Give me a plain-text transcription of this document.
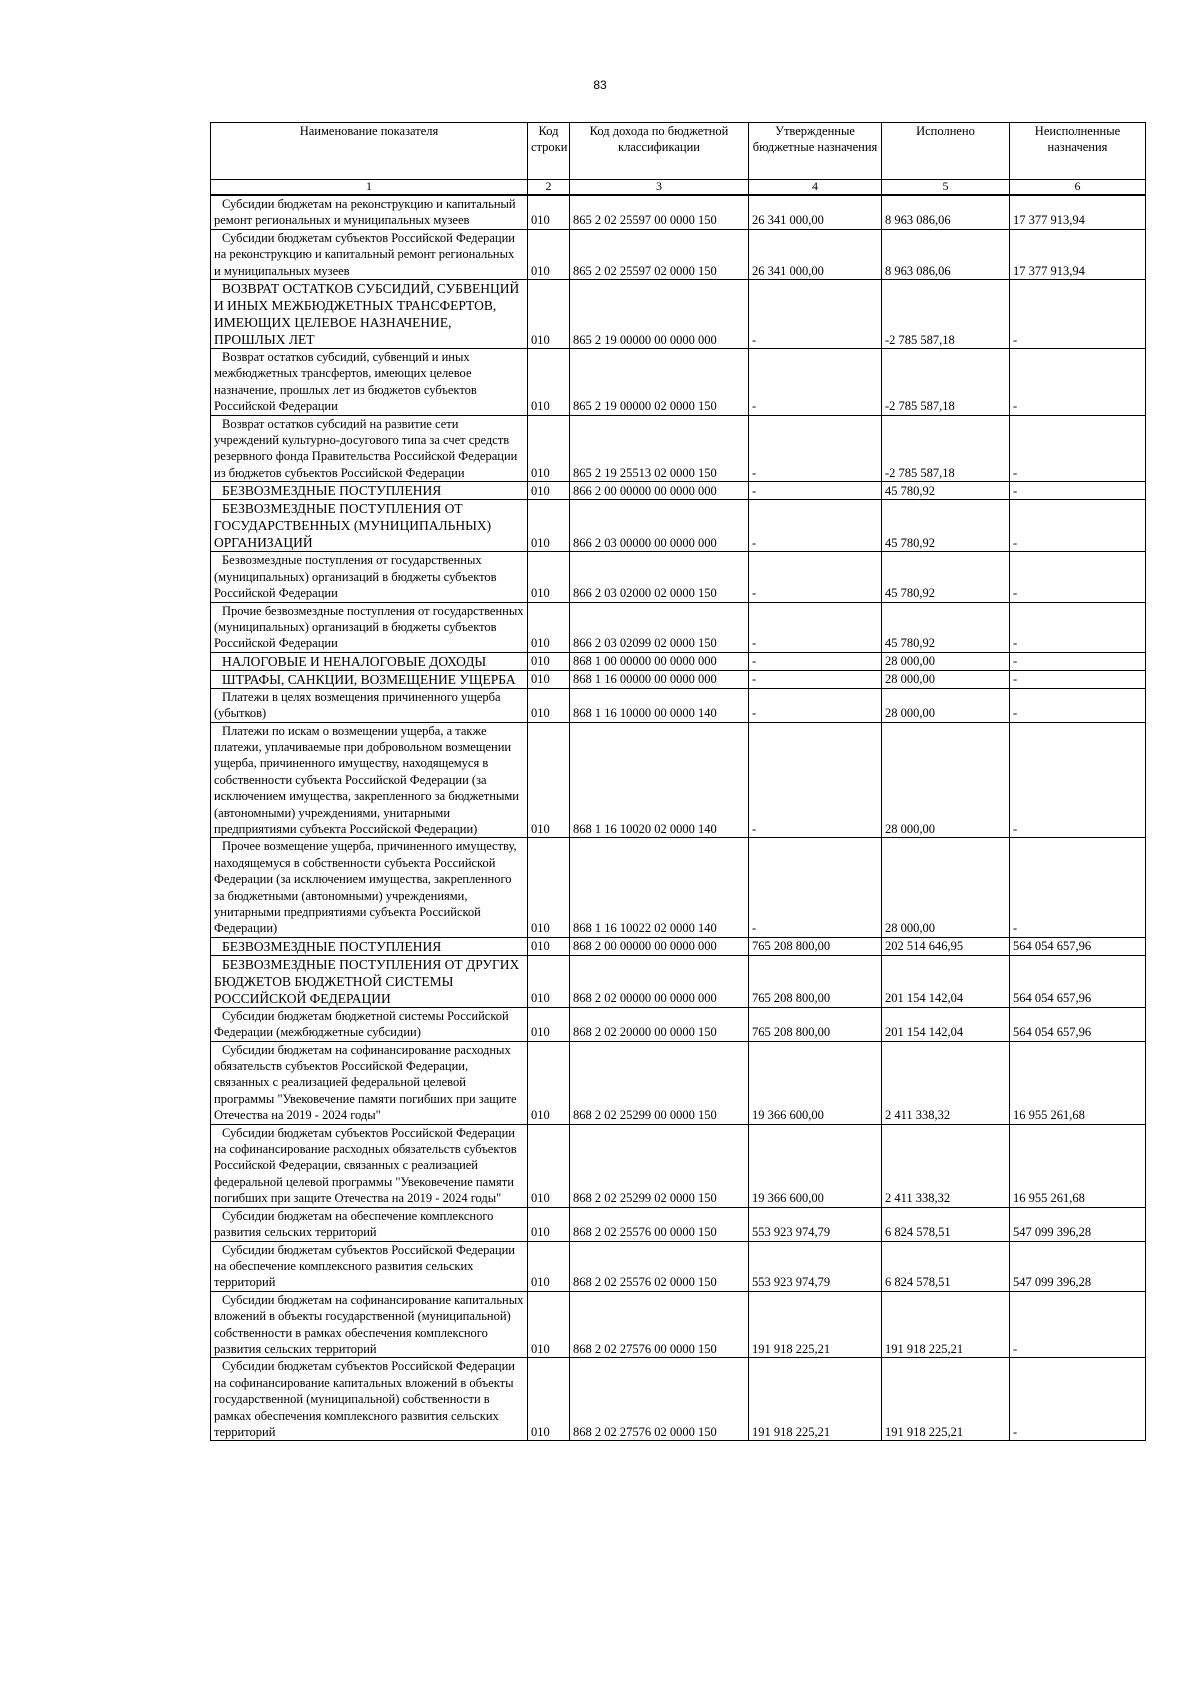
83
Наименование показателя	Код строки	Код дохода по бюджетной классификации	Утвержденные бюджетные назначения	Исполнено	Неисполненные назначения
1	2	3	4	5	6
Субсидии бюджетам на реконструкцию и капитальный ремонт региональных и муниципальных музеев	010	865 2 02 25597 00 0000 150	26 341 000,00	8 963 086,06	17 377 913,94
Субсидии бюджетам субъектов Российской Федерации на реконструкцию и капитальный ремонт региональных и муниципальных музеев	010	865 2 02 25597 02 0000 150	26 341 000,00	8 963 086,06	17 377 913,94
ВОЗВРАТ ОСТАТКОВ СУБСИДИЙ, СУБВЕНЦИЙ И ИНЫХ МЕЖБЮДЖЕТНЫХ ТРАНСФЕРТОВ, ИМЕЮЩИХ ЦЕЛЕВОЕ НАЗНАЧЕНИЕ, ПРОШЛЫХ ЛЕТ	010	865 2 19 00000 00 0000 000	-	-2 785 587,18	-
Возврат остатков субсидий, субвенций и иных межбюджетных трансфертов, имеющих целевое назначение, прошлых лет из бюджетов субъектов Российской Федерации	010	865 2 19 00000 02 0000 150	-	-2 785 587,18	-
Возврат остатков субсидий на развитие сети учреждений культурно-досугового типа за счет средств резервного фонда Правительства Российской Федерации из бюджетов субъектов Российской Федерации	010	865 2 19 25513 02 0000 150	-	-2 785 587,18	-
БЕЗВОЗМЕЗДНЫЕ ПОСТУПЛЕНИЯ	010	866 2 00 00000 00 0000 000	-	45 780,92	-
БЕЗВОЗМЕЗДНЫЕ ПОСТУПЛЕНИЯ ОТ ГОСУДАРСТВЕННЫХ (МУНИЦИПАЛЬНЫХ) ОРГАНИЗАЦИЙ	010	866 2 03 00000 00 0000 000	-	45 780,92	-
Безвозмездные поступления от государственных (муниципальных) организаций в бюджеты субъектов Российской Федерации	010	866 2 03 02000 02 0000 150	-	45 780,92	-
Прочие безвозмездные поступления от государственных (муниципальных) организаций в бюджеты субъектов Российской Федерации	010	866 2 03 02099 02 0000 150	-	45 780,92	-
НАЛОГОВЫЕ И НЕНАЛОГОВЫЕ ДОХОДЫ	010	868 1 00 00000 00 0000 000	-	28 000,00	-
ШТРАФЫ, САНКЦИИ, ВОЗМЕЩЕНИЕ УЩЕРБА	010	868 1 16 00000 00 0000 000	-	28 000,00	-
Платежи в целях возмещения причиненного ущерба (убытков)	010	868 1 16 10000 00 0000 140	-	28 000,00	-
Платежи по искам о возмещении ущерба, а также платежи, уплачиваемые при добровольном возмещении ущерба, причиненного имуществу, находящемуся в собственности субъекта Российской Федерации (за исключением имущества, закрепленного за бюджетными (автономными) учреждениями, унитарными предприятиями субъекта Российской Федерации)	010	868 1 16 10020 02 0000 140	-	28 000,00	-
Прочее возмещение ущерба, причиненного имуществу, находящемуся в собственности субъекта Российской Федерации (за исключением имущества, закрепленного за бюджетными (автономными) учреждениями, унитарными предприятиями субъекта Российской Федерации)	010	868 1 16 10022 02 0000 140	-	28 000,00	-
БЕЗВОЗМЕЗДНЫЕ ПОСТУПЛЕНИЯ	010	868 2 00 00000 00 0000 000	765 208 800,00	202 514 646,95	564 054 657,96
БЕЗВОЗМЕЗДНЫЕ ПОСТУПЛЕНИЯ ОТ ДРУГИХ БЮДЖЕТОВ БЮДЖЕТНОЙ СИСТЕМЫ РОССИЙСКОЙ ФЕДЕРАЦИИ	010	868 2 02 00000 00 0000 000	765 208 800,00	201 154 142,04	564 054 657,96
Субсидии бюджетам бюджетной системы Российской Федерации (межбюджетные субсидии)	010	868 2 02 20000 00 0000 150	765 208 800,00	201 154 142,04	564 054 657,96
Субсидии бюджетам на софинансирование расходных обязательств субъектов Российской Федерации, связанных с реализацией федеральной целевой программы "Увековечение памяти погибших при защите Отечества на 2019 - 2024 годы"	010	868 2 02 25299 00 0000 150	19 366 600,00	2 411 338,32	16 955 261,68
Субсидии бюджетам субъектов Российской Федерации на софинансирование расходных обязательств субъектов Российской Федерации, связанных с реализацией федеральной целевой программы "Увековечение памяти погибших при защите Отечества на 2019 - 2024 годы"	010	868 2 02 25299 02 0000 150	19 366 600,00	2 411 338,32	16 955 261,68
Субсидии бюджетам на обеспечение комплексного развития сельских территорий	010	868 2 02 25576 00 0000 150	553 923 974,79	6 824 578,51	547 099 396,28
Субсидии бюджетам субъектов Российской Федерации на обеспечение комплексного развития сельских территорий	010	868 2 02 25576 02 0000 150	553 923 974,79	6 824 578,51	547 099 396,28
Субсидии бюджетам на софинансирование капитальных вложений в объекты государственной (муниципальной) собственности в рамках обеспечения комплексного развития сельских территорий	010	868 2 02 27576 00 0000 150	191 918 225,21	191 918 225,21	-
Субсидии бюджетам субъектов Российской Федерации на софинансирование капитальных вложений в объекты государственной (муниципальной) собственности в рамках обеспечения комплексного развития сельских территорий	010	868 2 02 27576 02 0000 150	191 918 225,21	191 918 225,21	-
